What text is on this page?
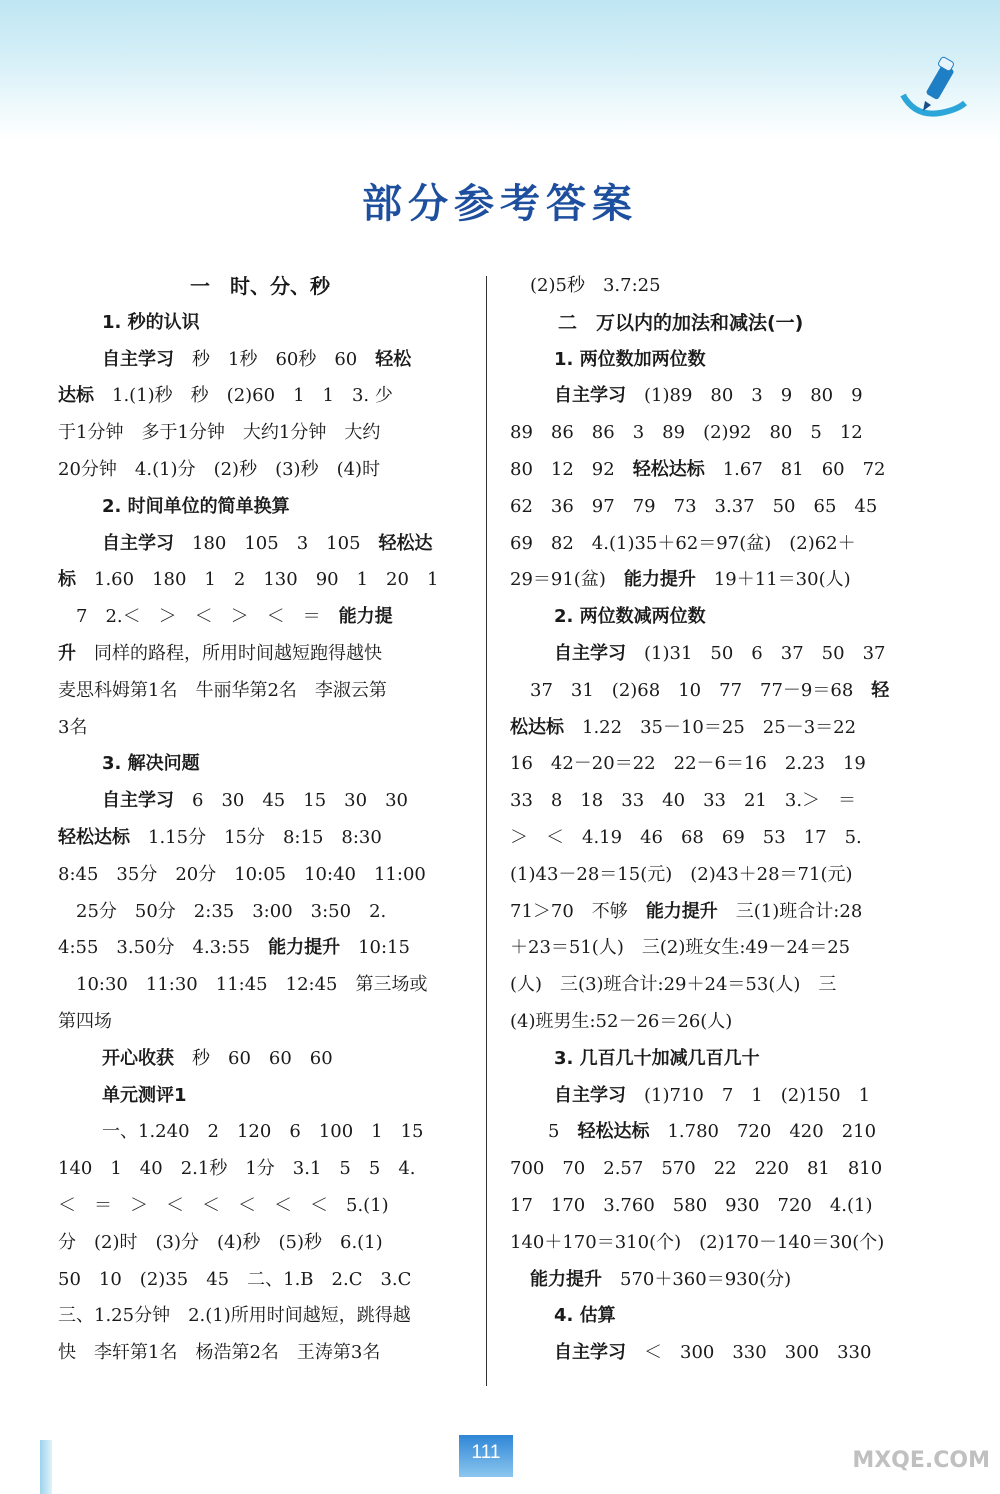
部分参考答案
一　时、分、秒
1. 秒的认识
自主学习　秒　1秒　60秒　60　轻松
达标　1.(1)秒　秒　(2)60　1　1　3. 少
于1分钟　多于1分钟　大约1分钟　大约
20分钟　4.(1)分　(2)秒　(3)秒　(4)时
2. 时间单位的简单换算
自主学习　180　105　3　105　轻松达
标　1.60　180　1　2　130　90　1　20　1
　7　2.＜　＞　＜　＞　＜　＝　能力提
升　同样的路程，所用时间越短跑得越快
麦思科姆第1名　牛丽华第2名　李淑云第
3名
3. 解决问题
自主学习　6　30　45　15　30　30
轻松达标　1.15分　15分　8:15　8:30
8:45　35分　20分　10:05　10:40　11:00
　25分　50分　2:35　3:00　3:50　2.
4:55　3.50分　4.3:55　能力提升　10:15
　10:30　11:30　11:45　12:45　第三场或
第四场
开心收获　秒　60　60　60
单元测评1
一、1.240　2　120　6　100　1　15
140　1　40　2.1秒　1分　3.1　5　5　4.
＜　＝　＞　＜　＜　＜　＜　＜　5.(1)
分　(2)时　(3)分　(4)秒　(5)秒　6.(1)
50　10　(2)35　45　二、1.B　2.C　3.C
三、1.25分钟　2.(1)所用时间越短，跳得越
快　李轩第1名　杨浩第2名　王涛第3名
(2)5秒　3.7:25
二　万以内的加法和减法(一)
1. 两位数加两位数
自主学习　(1)89　80　3　9　80　9
89　86　86　3　89　(2)92　80　5　12
80　12　92　轻松达标　1.67　81　60　72
62　36　97　79　73　3.37　50　65　45
69　82　4.(1)35＋62＝97(盆)　(2)62＋
29＝91(盆)　能力提升　19＋11＝30(人)
2. 两位数减两位数
自主学习　(1)31　50　6　37　50　37
37　31　(2)68　10　77　77－9＝68　轻
松达标　1.22　35－10＝25　25－3＝22
16　42－20＝22　22－6＝16　2.23　19
33　8　18　33　40　33　21　3.＞　＝
＞　＜　4.19　46　68　69　53　17　5.
(1)43－28＝15(元)　(2)43＋28＝71(元)
71＞70　不够　能力提升　三(1)班合计:28
＋23＝51(人)　三(2)班女生:49－24＝25
(人)　三(3)班合计:29＋24＝53(人)　三
(4)班男生:52－26＝26(人)
3. 几百几十加减几百几十
自主学习　(1)710　7　1　(2)150　1
　5　轻松达标　1.780　720　420　210
700　70　2.57　570　22　220　81　810
17　170　3.760　580　930　720　4.(1)
140＋170＝310(个)　(2)170－140＝30(个)
能力提升　570＋360＝930(分)
4. 估算
自主学习　＜　300　330　300　330
111	MXQE.COM
